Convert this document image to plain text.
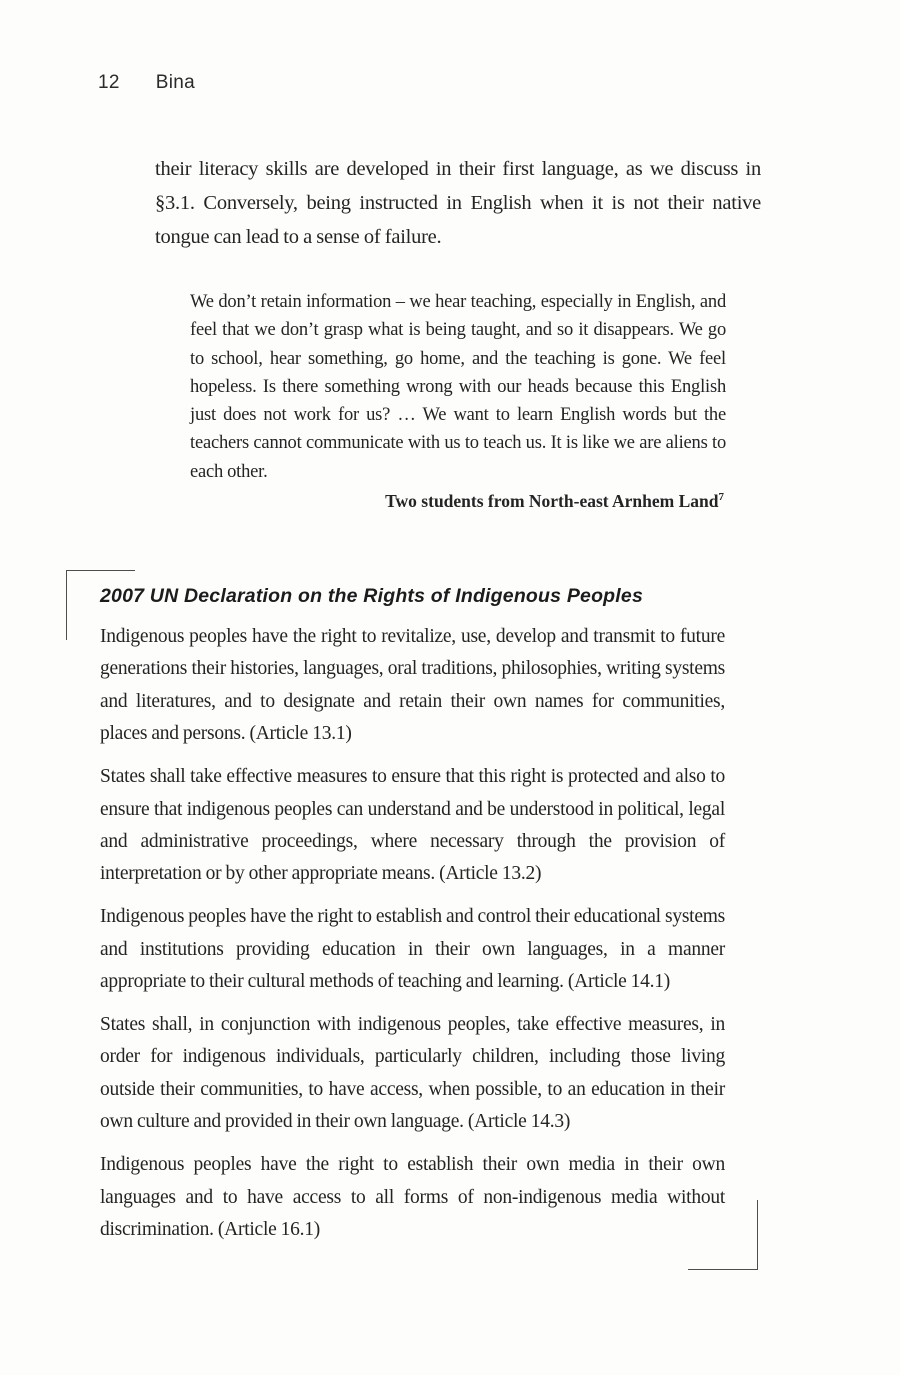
12 Bina

their literacy skills are developed in their first language, as we discuss in §3.1. Conversely, being instructed in English when it is not their native tongue can lead to a sense of failure.

We don’t retain information – we hear teaching, especially in English, and feel that we don’t grasp what is being taught, and so it disappears. We go to school, hear something, go home, and the teaching is gone. We feel hopeless. Is there something wrong with our heads because this English just does not work for us? … We want to learn English words but the teachers cannot communicate with us to teach us. It is like we are aliens to each other.

Two students from North-east Arnhem Land$^7$

2007 UN Declaration on the Rights of Indigenous Peoples

Indigenous peoples have the right to revitalize, use, develop and transmit to future generations their histories, languages, oral traditions, philosophies, writing systems and literatures, and to designate and retain their own names for communities, places and persons. (Article 13.1)

States shall take effective measures to ensure that this right is protected and also to ensure that indigenous peoples can understand and be understood in political, legal and administrative proceedings, where necessary through the provision of interpretation or by other appropriate means. (Article 13.2)

Indigenous peoples have the right to establish and control their educational systems and institutions providing education in their own languages, in a manner appropriate to their cultural methods of teaching and learning. (Article 14.1)

States shall, in conjunction with indigenous peoples, take effective measures, in order for indigenous individuals, particularly children, including those living outside their communities, to have access, when possible, to an education in their own culture and provided in their own language. (Article 14.3)

Indigenous peoples have the right to establish their own media in their own languages and to have access to all forms of non-indigenous media without discrimination. (Article 16.1)
